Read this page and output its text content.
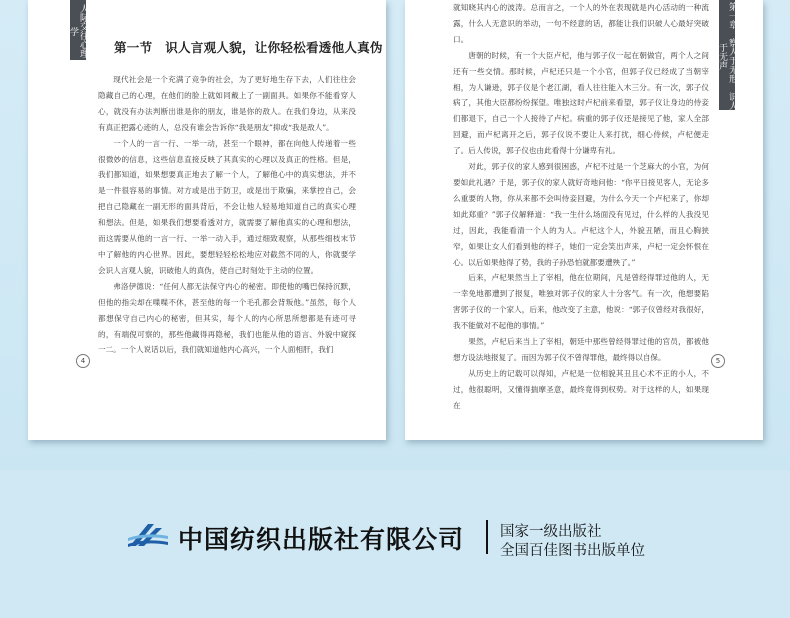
人际交往心理学
第一节　识人言观人貌，让你轻松看透他人真伪

现代社会是一个充满了竞争的社会，为了更好地生存下去，人们往往会隐藏自己的心理，在他们的脸上就如同戴上了一副面具。如果你不能看穿人心，就没有办法判断出谁是你的朋友，谁是你的敌人。在我们身边，从来没有真正把露心迹的人，总没有谁会告诉你“我是朋友”抑或“我是敌人”。

一个人的一言一行、一举一动，甚至一个眼神，都在向他人传递着一些很微妙的信息，这些信息直接反映了其真实的心理以及真正的性格。但是，我们都知道，如果想要真正地去了解一个人，了解他心中的真实想法，并不是一件很容易的事情。对方或是出于防卫，或是出于欺骗，来掌控自己，会把自己隐藏在一副无形的面具背后，不会让他人轻易地知道自己的真实心理和想法。但是，如果我们想要看透对方，就需要了解他真实的心理和想法，而这需要从他的一言一行、一举一动入手，通过细致观察，从那些细枝末节中了解他的内心世界。因此，要想轻轻松松地应对截然不同的人，你就要学会识人言观人貌，识破他人的真伪，使自己时刻处于主动的位置。

弗洛伊德说：“任何人都无法保守内心的秘密。即使他的嘴巴保持沉默，但他的指尖却在喋喋不休，甚至他的每一个毛孔都会背叛他。”虽然，每个人都想保守自己内心的秘密，但其实，每个人的内心所思所想都是有迹可寻的，有端倪可察的，那些他藏得再隐秘，我们也能从他的语言、外貌中窥探一二。一个人说话以后，我们就知道他内心高兴，一个人面相肝，我们

4
第一章　察人于无形，识人于无声

就知晓其内心的波涛。总而言之，一个人的外在表现就是内心活动的一种流露，什么人无意识的举动，一句不经意的话，都能让我们识破人心最好突破口。

唐朝的时候，有一个大臣卢杞，他与郭子仪一起在朝做官，两个人之间还有一些交情。那时候，卢杞还只是一个小官，但郭子仪已经成了当朝宰相，为人谦逊，郭子仪是个老江湖，看人往往能入木三分。有一次，郭子仪病了，其他大臣都纷纷探望。唯独这时卢杞前来看望，郭子仪让身边的侍妾们都退下，自己一个人接待了卢杞。病重的郭子仪还是接见了他，家人全部回避，而卢杞离开之后，郭子仪说不要让人来打扰，细心侍候，卢杞便走了。后人传说，郭子仪也由此看得十分谦卑有礼。

对此，郭子仪的家人感到很困惑，卢杞不过是一个芝麻大的小官，为何要如此礼遇？于是，郭子仪的家人就好奇地问他：“你平日接见客人，无论多么重要的人物，你从来都不会叫侍妾回避，为什么今天一个卢杞来了，你却如此郑重？”郭子仪解释道：“我一生什么场面没有见过，什么样的人我没见过，因此，我能看清一个人的为人。卢杞这个人，外貌丑陋，而且心胸狭窄，如果让女人们看到他的样子，她们一定会笑出声来，卢杞一定会怀恨在心。以后如果他得了势，我的子孙恐怕就都要遭殃了。”

后来，卢杞果然当上了宰相，他在位期间，凡是曾经得罪过他的人，无一幸免地都遭到了报复，唯独对郭子仪的家人十分客气。有一次，他想要陷害郭子仪的一个家人，后来，他改变了主意，他说：“郭子仪曾经对我很好，我不能做对不起他的事情。”

果然，卢杞后来当上了宰相，朝廷中那些曾经得罪过他的官员，都被他想方设法地报复了。而因为郭子仪不曾得罪他，最终得以自保。

从历史上的记载可以得知，卢杞是一位相貌其丑且心术不正的小人，不过，他很聪明，又懂得揣摩圣意，最终竟得到权势。对于这样的人，如果现在

5
中国纺织出版社有限公司 国家一级出版社
全国百佳图书出版单位
